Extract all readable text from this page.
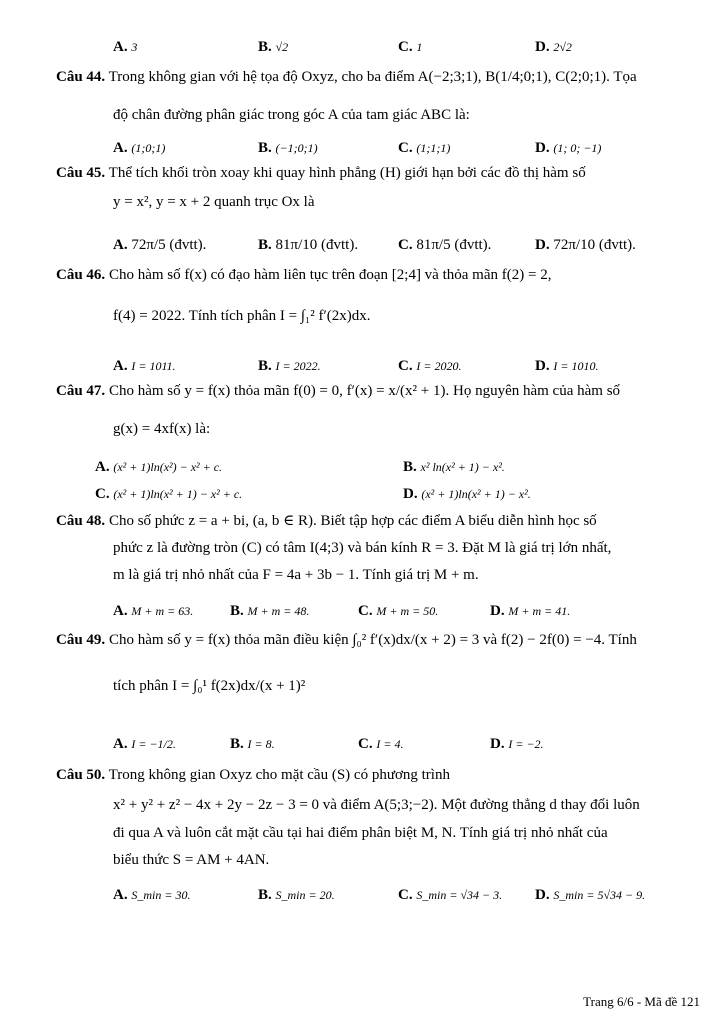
A. 3	B. √2	C. 1	D. 2√2
Câu 44. Trong không gian với hệ tọa độ Oxyz, cho ba điểm A(−2;3;1), B(1/4;0;1), C(2;0;1). Tọa
độ chân đường phân giác trong góc A của tam giác ABC là:
A. (1;0;1)	B. (−1;0;1)	C. (1;1;1)	D. (1; 0; −1)
Câu 45. Thể tích khối tròn xoay khi quay hình phẳng (H) giới hạn bởi các đồ thị hàm số
y = x², y = x + 2 quanh trục Ox là
A. 72π/5 (đvtt).	B. 81π/10 (đvtt).	C. 81π/5 (đvtt).	D. 72π/10 (đvtt).
Câu 46. Cho hàm số f(x) có đạo hàm liên tục trên đoạn [2;4] và thỏa mãn f(2) = 2,
f(4) = 2022. Tính tích phân I = ∫₁² f′(2x)dx.
A. I = 1011.	B. I = 2022.	C. I = 2020.	D. I = 1010.
Câu 47. Cho hàm số y = f(x) thỏa mãn f(0) = 0, f′(x) = x/(x² + 1). Họ nguyên hàm của hàm số
g(x) = 4xf(x) là:
A. (x² + 1)ln(x²) − x² + c.	B. x² ln(x² + 1) − x².
C. (x² + 1)ln(x² + 1) − x² + c.	D. (x² + 1)ln(x² + 1) − x².
Câu 48. Cho số phức z = a + bi, (a, b ∈ R). Biết tập hợp các điểm A biểu diễn hình học số
phức z là đường tròn (C) có tâm I(4;3) và bán kính R = 3. Đặt M là giá trị lớn nhất,
m là giá trị nhỏ nhất của F = 4a + 3b − 1. Tính giá trị M + m.
A. M + m = 63. B. M + m = 48.	C. M + m = 50.	D. M + m = 41.
Câu 49. Cho hàm số y = f(x) thỏa mãn điều kiện ∫₀² f′(x)dx/(x + 2) = 3 và f(2) − 2f(0) = −4. Tính
tích phân I = ∫₀¹ f(2x)dx/(x + 1)²
A. I = −1/2.	B. I = 8.	C. I = 4.	D. I = −2.
Câu 50. Trong không gian Oxyz cho mặt cầu (S) có phương trình
x² + y² + z² − 4x + 2y − 2z − 3 = 0 và điểm A(5;3;−2). Một đường thẳng d thay đổi luôn
đi qua A và luôn cắt mặt cầu tại hai điểm phân biệt M, N. Tính giá trị nhỏ nhất của
biểu thức S = AM + 4AN.
A. S_min = 30.	B. S_min = 20.	C. S_min = √34 − 3. D. S_min = 5√34 − 9.
Trang 6/6 - Mã đề 121
